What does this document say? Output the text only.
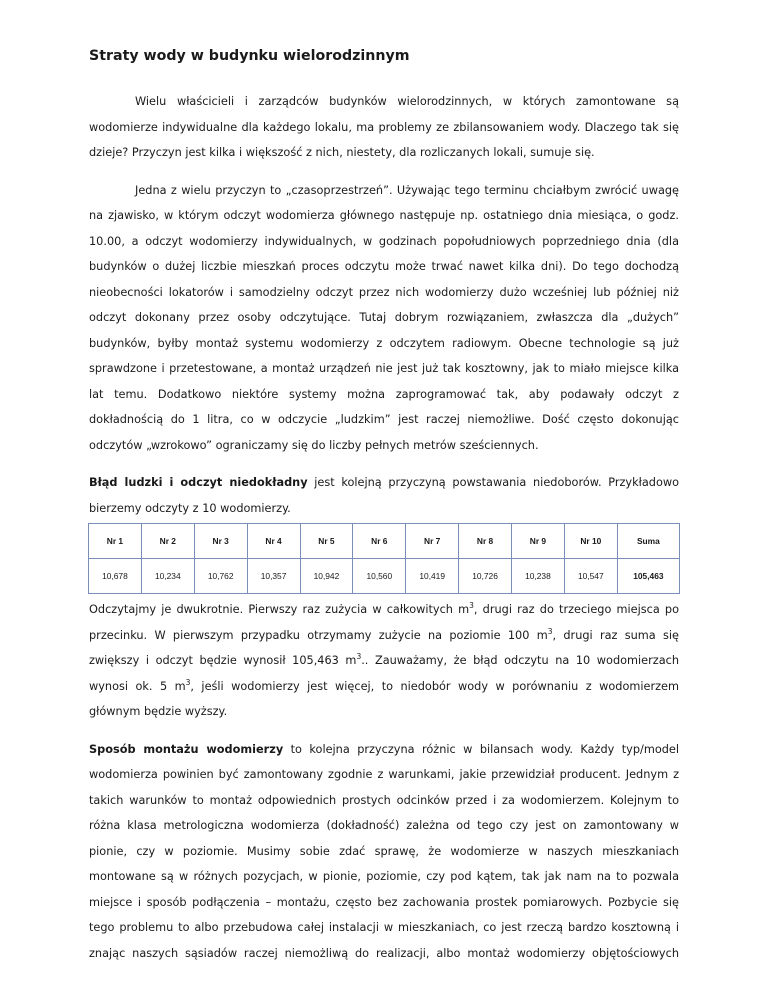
Straty wody w budynku wielorodzinnym

Wielu właścicieli i zarządców budynków wielorodzinnych, w których zamontowane są wodomierze indywidualne dla każdego lokalu, ma problemy ze zbilansowaniem wody. Dlaczego tak się dzieje? Przyczyn jest kilka i większość z nich, niestety, dla rozliczanych lokali, sumuje się.

Jedna z wielu przyczyn to „czasoprzestrzeń”. Używając tego terminu chciałbym zwrócić uwagę na zjawisko, w którym odczyt wodomierza głównego następuje np. ostatniego dnia miesiąca, o godz. 10.00, a odczyt wodomierzy indywidualnych, w godzinach popołudniowych poprzedniego dnia (dla budynków o dużej liczbie mieszkań proces odczytu może trwać nawet kilka dni). Do tego dochodzą nieobecności lokatorów i samodzielny odczyt przez nich wodomierzy dużo wcześniej lub później niż odczyt dokonany przez osoby odczytujące. Tutaj dobrym rozwiązaniem, zwłaszcza dla „dużych” budynków, byłby montaż systemu wodomierzy z odczytem radiowym. Obecne technologie są już sprawdzone i przetestowane, a montaż urządzeń nie jest już tak kosztowny, jak to miało miejsce kilka lat temu. Dodatkowo niektóre systemy można zaprogramować tak, aby podawały odczyt z dokładnością do 1 litra, co w odczycie „ludzkim” jest raczej niemożliwe. Dość często dokonując odczytów „wzrokowo” ograniczamy się do liczby pełnych metrów sześciennych.

Błąd ludzki i odczyt niedokładny jest kolejną przyczyną powstawania niedoborów. Przykładowo bierzemy odczyty z 10 wodomierzy.

Nr 1	Nr 2	Nr 3	Nr 4	Nr 5	Nr 6	Nr 7	Nr 8	Nr 9	Nr 10	Suma
10,678	10,234	10,762	10,357	10,942	10,560	10,419	10,726	10,238	10,547	105,463

Odczytajmy je dwukrotnie. Pierwszy raz zużycia w całkowitych $m^3$, drugi raz do trzeciego miejsca po przecinku. W pierwszym przypadku otrzymamy zużycie na poziomie 100 $m^3$, drugi raz suma się zwiększy i odczyt będzie wynosił 105,463 $m^3$.. Zauważamy, że błąd odczytu na 10 wodomierzach wynosi ok. 5 $m^3$, jeśli wodomierzy jest więcej, to niedobór wody w porównaniu z wodomierzem głównym będzie wyższy.

Sposób montażu wodomierzy to kolejna przyczyna różnic w bilansach wody. Każdy typ/model wodomierza powinien być zamontowany zgodnie z warunkami, jakie przewidział producent. Jednym z takich warunków to montaż odpowiednich prostych odcinków przed i za wodomierzem. Kolejnym to różna klasa metrologiczna wodomierza (dokładność) zależna od tego czy jest on zamontowany w pionie, czy w poziomie. Musimy sobie zdać sprawę, że wodomierze w naszych mieszkaniach montowane są w różnych pozycjach, w pionie, poziomie, czy pod kątem, tak jak nam na to pozwala miejsce i sposób podłączenia – montażu, często bez zachowania prostek pomiarowych. Pozbycie się tego problemu to albo przebudowa całej instalacji w mieszkaniach, co jest rzeczą bardzo kosztowną i znając naszych sąsiadów raczej niemożliwą do realizacji, albo montaż wodomierzy objętościowych
